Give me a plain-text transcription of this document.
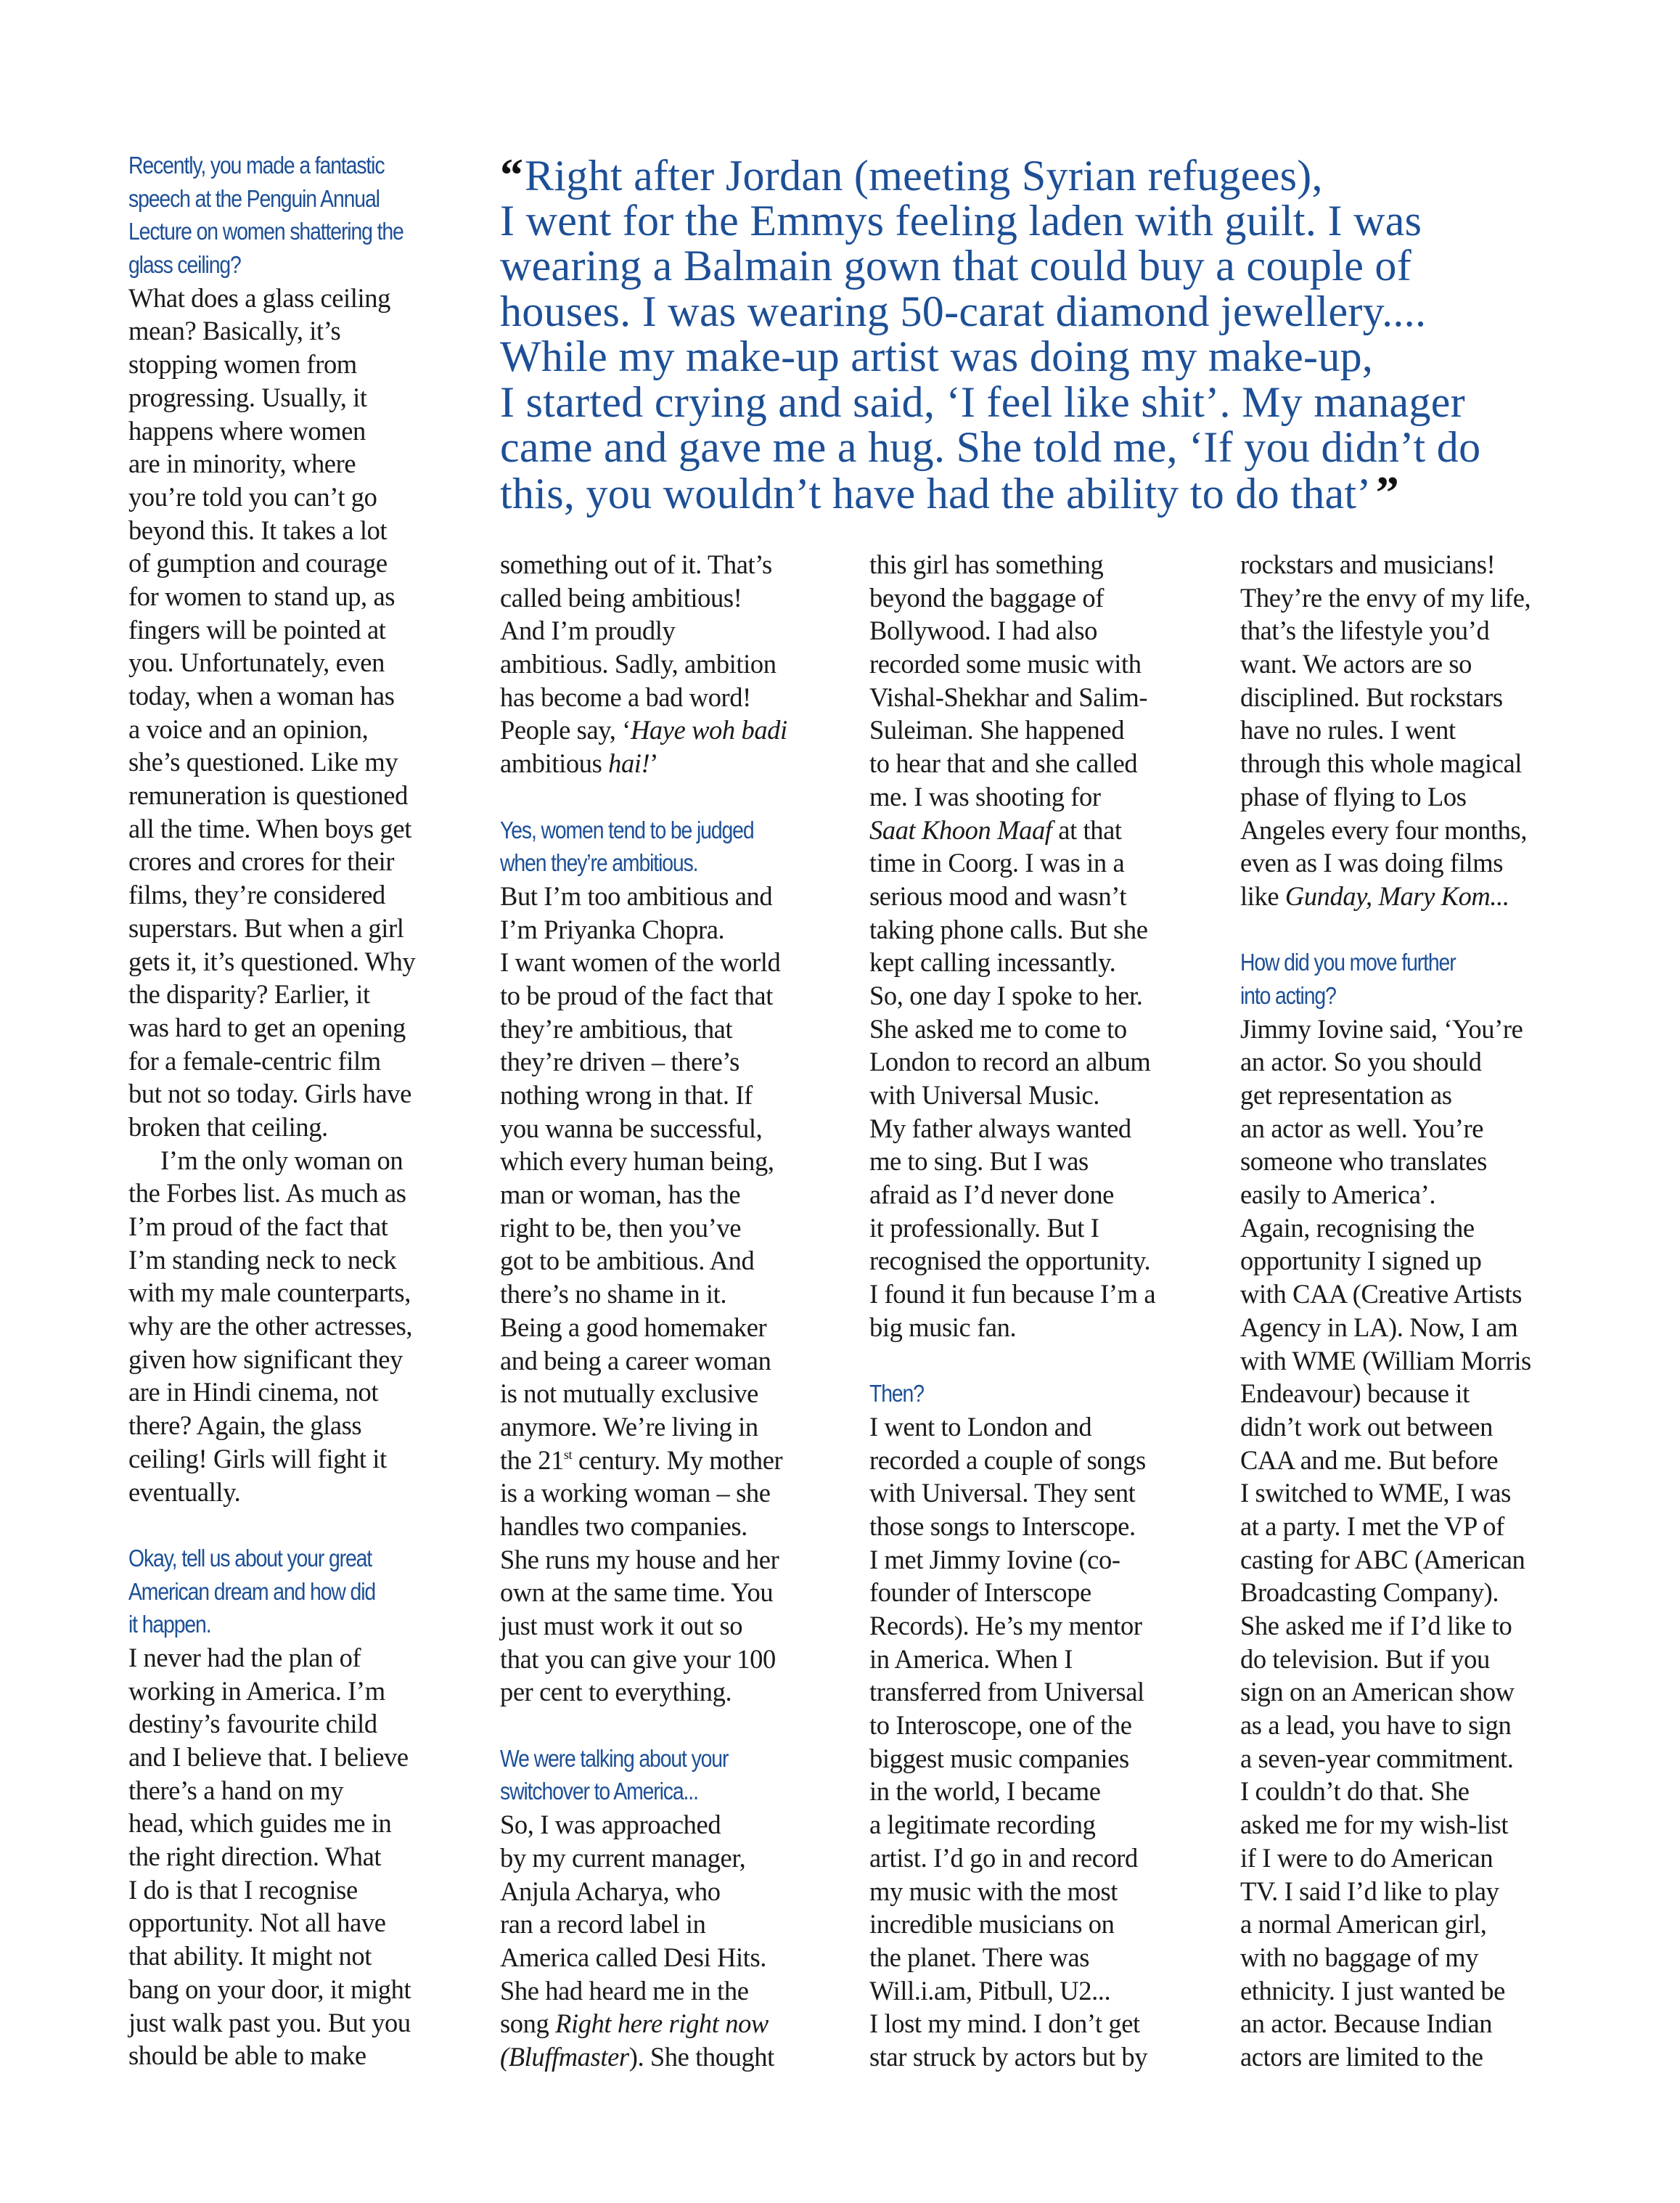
“Right after Jordan (meeting Syrian refugees),
I went for the Emmys feeling laden with guilt. I was
wearing a Balmain gown that could buy a couple of
houses. I was wearing 50-carat diamond jewellery....
While my make-up artist was doing my make-up,
I started crying and said, ‘I feel like shit’. My manager
came and gave me a hug. She told me, ‘If you didn’t do
this, you wouldn’t have had the ability to do that’”
Recently, you made a fantastic
speech at the Penguin Annual
Lecture on women shattering the
glass ceiling?
What does a glass ceiling
mean? Basically, it’s
stopping women from
progressing. Usually, it
happens where women
are in minority, where
you’re told you can’t go
beyond this. It takes a lot
of gumption and courage
for women to stand up, as
fingers will be pointed at
you. Unfortunately, even
today, when a woman has
a voice and an opinion,
she’s questioned. Like my
remuneration is questioned
all the time. When boys get
crores and crores for their
films, they’re considered
superstars. But when a girl
gets it, it’s questioned. Why
the disparity? Earlier, it
was hard to get an opening
for a female-centric film
but not so today. Girls have
broken that ceiling.
I’m the only woman on
the Forbes list. As much as
I’m proud of the fact that
I’m standing neck to neck
with my male counterparts,
why are the other actresses,
given how significant they
are in Hindi cinema, not
there? Again, the glass
ceiling! Girls will fight it
eventually.
Okay, tell us about your great
American dream and how did
it happen.
I never had the plan of
working in America. I’m
destiny’s favourite child
and I believe that. I believe
there’s a hand on my
head, which guides me in
the right direction. What
I do is that I recognise
opportunity. Not all have
that ability. It might not
bang on your door, it might
just walk past you. But you
should be able to make
something out of it. That’s
called being ambitious!
And I’m proudly
ambitious. Sadly, ambition
has become a bad word!
People say, ‘Haye woh badi
ambitious hai!’
Yes, women tend to be judged
when they’re ambitious.
But I’m too ambitious and
I’m Priyanka Chopra.
I want women of the world
to be proud of the fact that
they’re ambitious, that
they’re driven – there’s
nothing wrong in that. If
you wanna be successful,
which every human being,
man or woman, has the
right to be, then you’ve
got to be ambitious. And
there’s no shame in it.
Being a good homemaker
and being a career woman
is not mutually exclusive
anymore. We’re living in
the 21st century. My mother
is a working woman – she
handles two companies.
She runs my house and her
own at the same time. You
just must work it out so
that you can give your 100
per cent to everything.
We were talking about your
switchover to America...
So, I was approached
by my current manager,
Anjula Acharya, who
ran a record label in
America called Desi Hits.
She had heard me in the
song Right here right now
(Bluffmaster). She thought
this girl has something
beyond the baggage of
Bollywood. I had also
recorded some music with
Vishal-Shekhar and Salim-
Suleiman. She happened
to hear that and she called
me. I was shooting for
Saat Khoon Maaf at that
time in Coorg. I was in a
serious mood and wasn’t
taking phone calls. But she
kept calling incessantly.
So, one day I spoke to her.
She asked me to come to
London to record an album
with Universal Music.
My father always wanted
me to sing. But I was
afraid as I’d never done
it professionally. But I
recognised the opportunity.
I found it fun because I’m a
big music fan.
Then?
I went to London and
recorded a couple of songs
with Universal. They sent
those songs to Interscope.
I met Jimmy Iovine (co-
founder of Interscope
Records). He’s my mentor
in America. When I
transferred from Universal
to Interoscope, one of the
biggest music companies
in the world, I became
a legitimate recording
artist. I’d go in and record
my music with the most
incredible musicians on
the planet. There was
Will.i.am, Pitbull, U2...
I lost my mind. I don’t get
star struck by actors but by
rockstars and musicians!
They’re the envy of my life,
that’s the lifestyle you’d
want. We actors are so
disciplined. But rockstars
have no rules. I went
through this whole magical
phase of flying to Los
Angeles every four months,
even as I was doing films
like Gunday, Mary Kom...
How did you move further
into acting?
Jimmy Iovine said, ‘You’re
an actor. So you should
get representation as
an actor as well. You’re
someone who translates
easily to America’.
Again, recognising the
opportunity I signed up
with CAA (Creative Artists
Agency in LA). Now, I am
with WME (William Morris
Endeavour) because it
didn’t work out between
CAA and me. But before
I switched to WME, I was
at a party. I met the VP of
casting for ABC (American
Broadcasting Company).
She asked me if I’d like to
do television. But if you
sign on an American show
as a lead, you have to sign
a seven-year commitment.
I couldn’t do that. She
asked me for my wish-list
if I were to do American
TV. I said I’d like to play
a normal American girl,
with no baggage of my
ethnicity. I just wanted be
an actor. Because Indian
actors are limited to the
